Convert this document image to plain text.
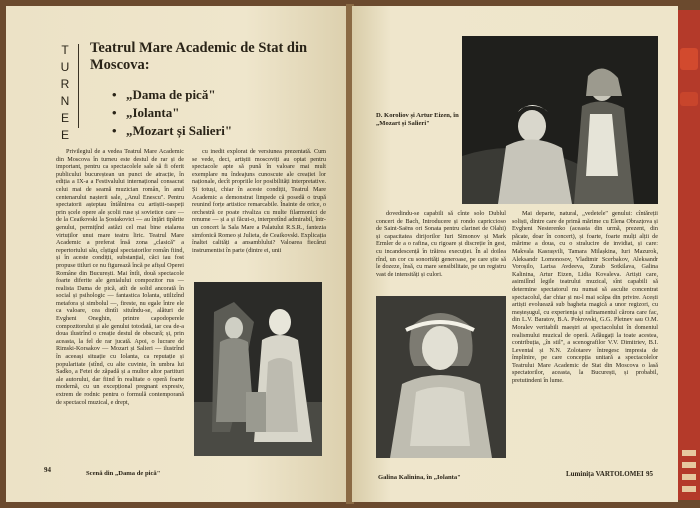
T
U
R
N
E
E
Teatrul Mare Academic de Stat din Moscova:
• „Dama de pică"
• „Iolanta"
• „Mozart și Salieri"

Privilegiul de a vedea Teatrul Mare Academic din Moscova în turneu este destul de rar și de important, pentru ca spectacolele sale să fi oferit publicului bucureștean un punct de atracție, în ediția a IX-a a Festivalului internațional consacrat celui mai de seamă muzician român, în anul centenarului nașterii sale, „Anul Enescu". Pentru spectatorii așteptau întâlnirea cu artiștii-oaspeți prin șcele opere ale școlii ruse și sovietice care — de la Ceaikovski la Șostakovici — au înțări tipărite genului, permițînd astăzi cel mai bine etalarea virtuților unui mare teatru liric. Teatrul Mare Academic a preferat însă zona „clasică" a repertoriului său, cîștigul spectatorilor român fiind, și în aceste condiții, substanțial, căci iau fost propuse titluri ce nu figurează încă pe afișul Operei Române din București. Mai întîi, două spectacole foarte diferite ale genialului compozitor rus — realista Dama de pică, atît de solid ancorată în social și psihologic — fantastica Iolanta, utilizînd metafora și simbolul —, fireste, nu egale între ele ca valoare, cea dintîi situîndu-se, alături de Evgheni Oneghin, printre capodoperele compozitorului și ale genului totodată, iar cea de-a doua ilustrînd o creație destul de obscură; și, prin aceasta, la fel de rar jucată. Apoi, o lucrare de Rimski-Korsakov — Mozart și Salieri — ilustrînd în aceeași situație cu Iolanta, ca reputație și popularitate (stînd, cu alte cuvinte, în umbra lui Sadko, a Fetei de zăpadă și a multor altor partituri ale autorului, dar fiind în realitate o operă foarte modernă, cu un excepțional pregnant expresiv, extrem de rodnic pentru o formulă contemporană de spectacol muzical, e drept,

cu inedit explorat de versiunea prezentată. Cum se vede, deci, artiștii moscoviți au optat pentru spectacole apte să pună în valoare mai mult exemplare nu îndeajuns cunoscute ale creației lor naționale, decît propriile lor posibilități interpretative. Și totuși, chiar în aceste condiții, Teatrul Mare Academic a demonstrat limpede că posedă o trupă reunind forțe artistice remarcabile. Înainte de orice, o orchestră ce poate rivaliza cu multe filarmonici de renume — și a și făcut-o, interpretînd admirabil, într-un concert la Sala Mare a Palatului R.S.R., fantezia simfonică Romeo și Julieta, de Ceaikovski. Explicația înaltei calități a ansamblului? Valoarea fiecărui instrumentist în parte (dintre ei, unii

Scenă din „Dama de pică"
94
D. Koroliov și Artur Eizen, în „Mozart și Salieri"

dovedindu-se capabili să cînte solo Dublul concert de Bach, Introducere și rondo capriccioso de Saint-Saëns ori Sonata pentru clarinet de Olahi) și capacitatea dirijorilor Iuri Simonov și Mark Ermler de a o rafina, cu rigoare și discreție în gest, cu incandescență în trăirea execuției. În al doilea rînd, un cor cu sonorități generoase, pe care știe să le dozeze, însă, cu mare sensibilitate, pe un registru vast de intensități și culori.

Mai departe, natural, „vedetele" genului: cîntăreții soliști, dintre care de primă mărime cu Elena Obrazțova și Evgheni Nesterenko (aceasta din urmă, prezent, din păcate, doar în concert), și foarte, foarte mulți alții de mărime a doua, cu o stralucire de invidiat, și care: Makvala Kasrașvili, Tamara Milașkina, Iuri Mazurok, Aleksandr Lomonosov, Vladimir Scerbakov, Aleksandr Voroșilo, Larisa Avdeeva, Zurab Sotkilava, Galina Kalinina, Artur Eizen, Lidia Kovaleva. Artiști care, asimilînd legile teatrului muzical, sînt capabili să determine spectatorul nu numai să asculte concentrat spectacolul, dar chiar și nu-l mai scăpa din privire. Acești artiști evoluează sub bagheta magică a unor regizori, cu meșteșugul, cu experiența și rafinamentul cărora care fac, din L.V. Baratov, B.A. Pokrovski, G.G. Pletnev sau O.M. Moralev veritabili maeștri ai spectacolului în domeniul realismului muzical de operă. Adăugați la toate acestea, contribuția, „în stil", a scenografilor V.V. Dimitriev, B.I. Levental și N.N. Zolotarev întregesc impresia de împlinire, pe care concepția unitară a spectacolelor Teatrului Mare Academic de Stat din Moscova o lasă spectatorilor, aceasta, la București, și probabil, pretutindeni în lume.

Luminița VARTOLOMEI
Galina Kalinina, în „Iolanta"	95
